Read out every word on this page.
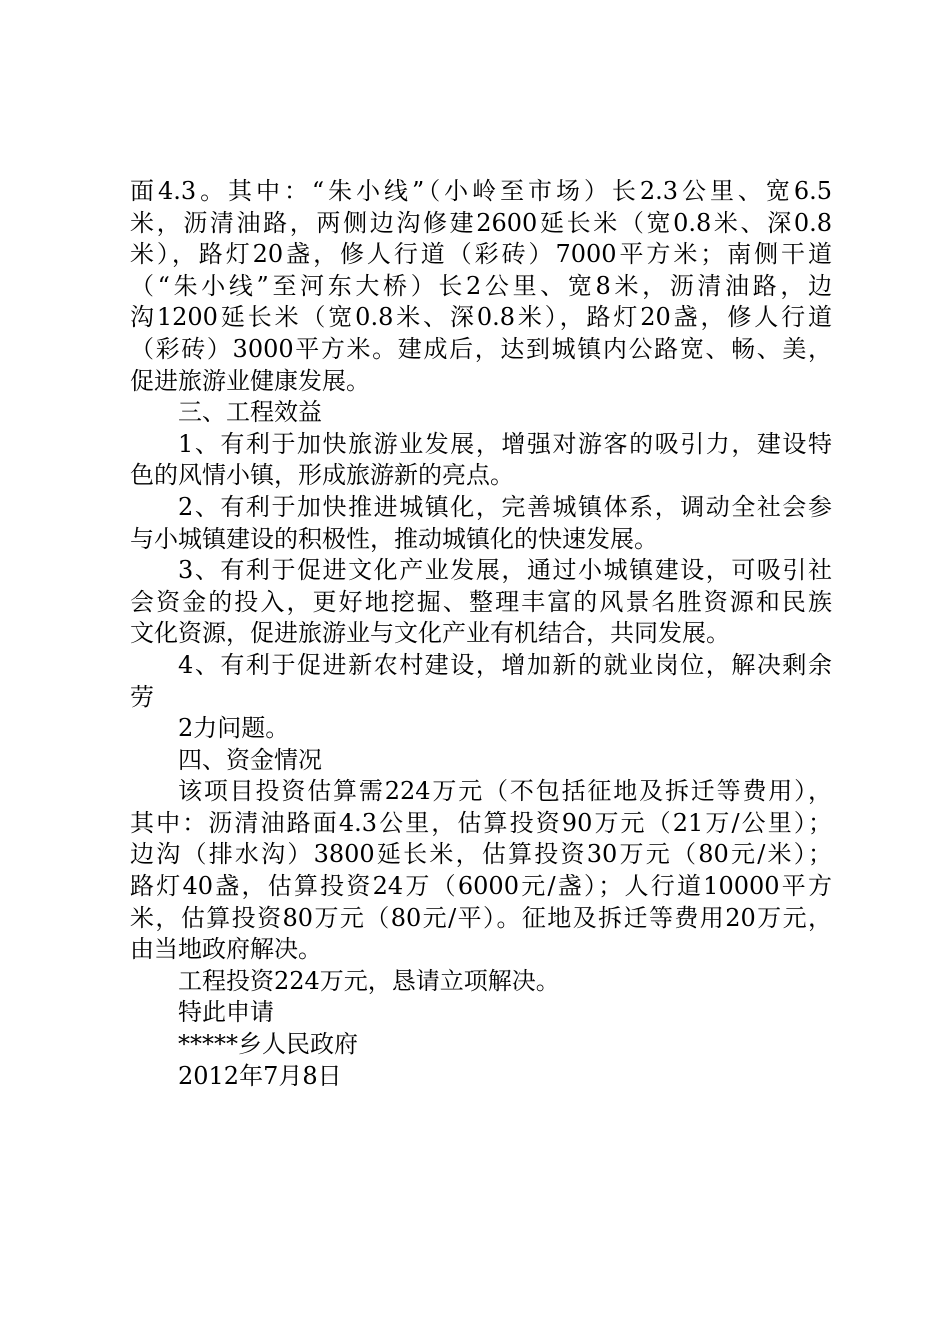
面4.3。其中：“朱小线”（小岭至市场）长2.3公里、宽6.5
米，沥清油路，两侧边沟修建2600延长米（宽0.8米、深0.8
米），路灯20盏，修人行道（彩砖）7000平方米；南侧干道
（“朱小线”至河东大桥）长2公里、宽8米，沥清油路，边
沟1200延长米（宽0.8米、深0.8米），路灯20盏，修人行道
（彩砖）3000平方米。建成后，达到城镇内公路宽、畅、美，
促进旅游业健康发展。
三、工程效益
1、有利于加快旅游业发展，增强对游客的吸引力，建设特
色的风情小镇，形成旅游新的亮点。
2、有利于加快推进城镇化，完善城镇体系，调动全社会参
与小城镇建设的积极性，推动城镇化的快速发展。
3、有利于促进文化产业发展，通过小城镇建设，可吸引社
会资金的投入，更好地挖掘、整理丰富的风景名胜资源和民族
文化资源，促进旅游业与文化产业有机结合，共同发展。
4、有利于促进新农村建设，增加新的就业岗位，解决剩余
劳
2力问题。
四、资金情况
该项目投资估算需224万元（不包括征地及拆迁等费用），
其中：沥清油路面4.3公里，估算投资90万元（21万/公里）；
边沟（排水沟）3800延长米，估算投资30万元（80元/米）；
路灯40盏，估算投资24万（6000元/盏）；人行道10000平方
米，估算投资80万元（80元/平）。征地及拆迁等费用20万元，
由当地政府解决。
工程投资224万元，恳请立项解决。
特此申请
*****乡人民政府
2012年7月8日
